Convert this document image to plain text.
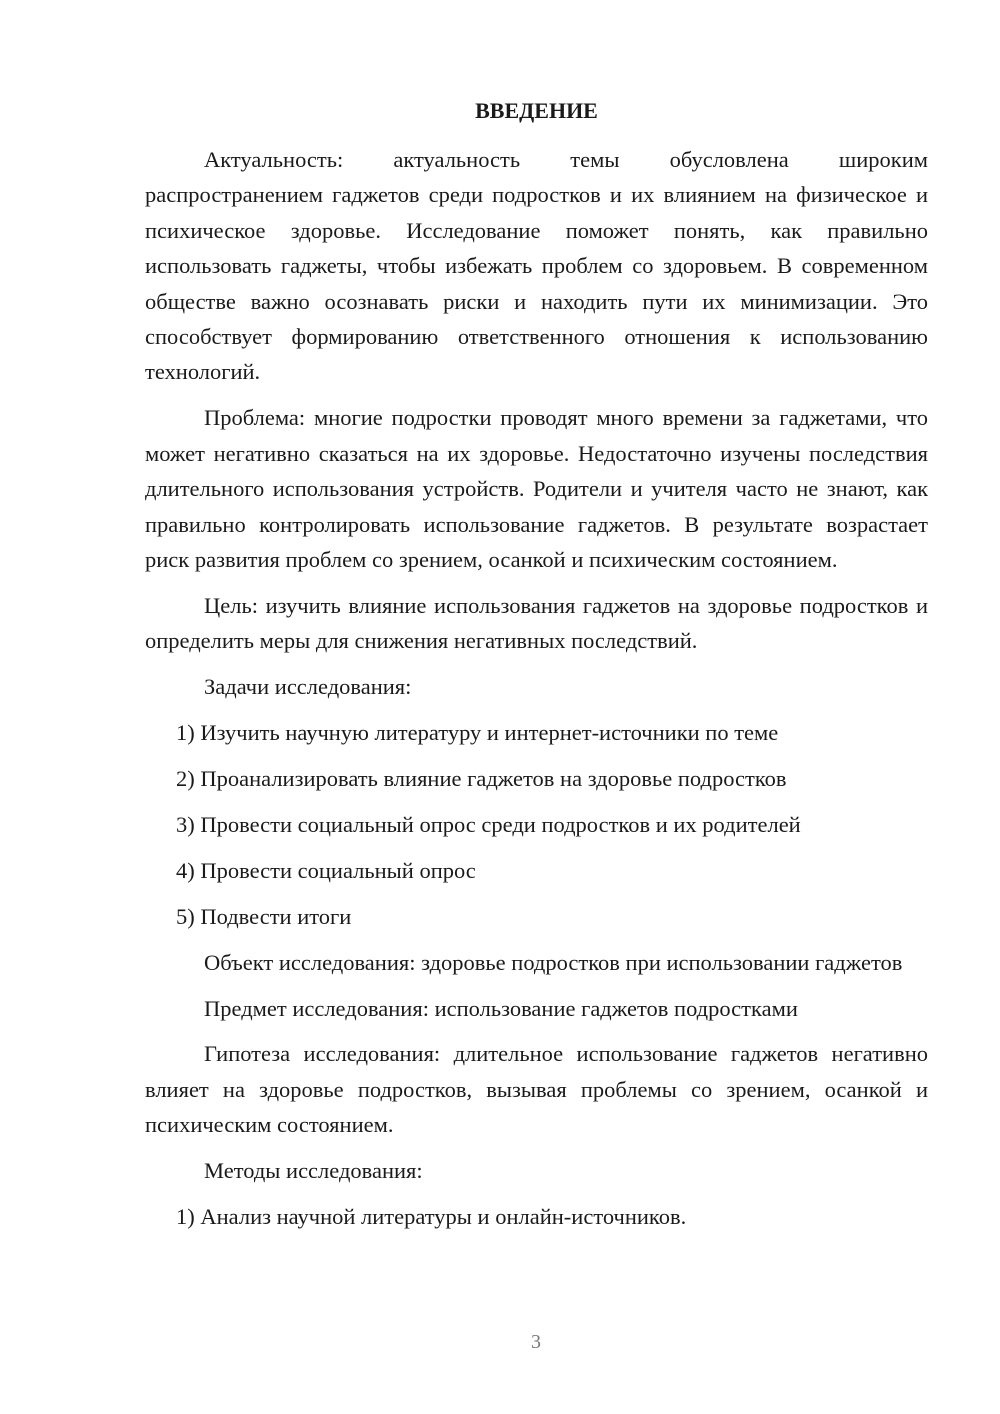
ВВЕДЕНИЕ

Актуальность: актуальность темы обусловлена широким распространением гаджетов среди подростков и их влиянием на физическое и психическое здоровье. Исследование поможет понять, как правильно использовать гаджеты, чтобы избежать проблем со здоровьем. В современном обществе важно осознавать риски и находить пути их минимизации. Это способствует формированию ответственного отношения к использованию технологий.

Проблема: многие подростки проводят много времени за гаджетами, что может негативно сказаться на их здоровье. Недостаточно изучены последствия длительного использования устройств. Родители и учителя часто не знают, как правильно контролировать использование гаджетов. В результате возрастает риск развития проблем со зрением, осанкой и психическим состоянием.

Цель: изучить влияние использования гаджетов на здоровье подростков и определить меры для снижения негативных последствий.

Задачи исследования:

1) Изучить научную литературу и интернет-источники по теме

2) Проанализировать влияние гаджетов на здоровье подростков

3) Провести социальный опрос среди подростков и их родителей

4) Провести социальный опрос

5) Подвести итоги

Объект исследования: здоровье подростков при использовании гаджетов

Предмет исследования: использование гаджетов подростками

Гипотеза исследования: длительное использование гаджетов негативно влияет на здоровье подростков, вызывая проблемы со зрением, осанкой и психическим состоянием.

Методы исследования:

1) Анализ научной литературы и онлайн-источников.

3
